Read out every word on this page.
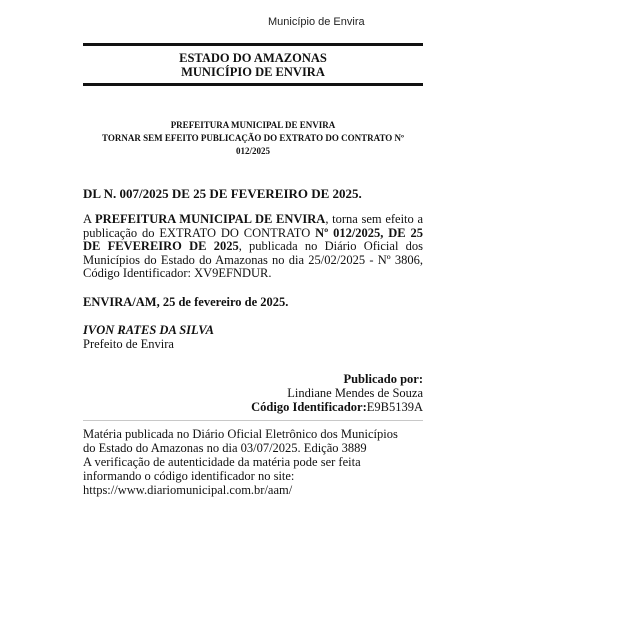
Município de Envira
ESTADO DO AMAZONAS
MUNICÍPIO DE ENVIRA
PREFEITURA MUNICIPAL DE ENVIRA
TORNAR SEM EFEITO PUBLICAÇÃO DO EXTRATO DO CONTRATO Nº
012/2025
DL N. 007/2025 DE 25 DE FEVEREIRO DE 2025.
A PREFEITURA MUNICIPAL DE ENVIRA, torna sem efeito a publicação do EXTRATO DO CONTRATO Nº 012/2025, DE 25 DE FEVEREIRO DE 2025, publicada no Diário Oficial dos Municípios do Estado do Amazonas no dia 25/02/2025 - Nº 3806, Código Identificador: XV9EFNDUR.
ENVIRA/AM, 25 de fevereiro de 2025.
IVON RATES DA SILVA
Prefeito de Envira
Publicado por:
Lindiane Mendes de Souza
Código Identificador:E9B5139A
Matéria publicada no Diário Oficial Eletrônico dos Municípios
do Estado do Amazonas no dia 03/07/2025. Edição 3889
A verificação de autenticidade da matéria pode ser feita
informando o código identificador no site:
https://www.diariomunicipal.com.br/aam/
